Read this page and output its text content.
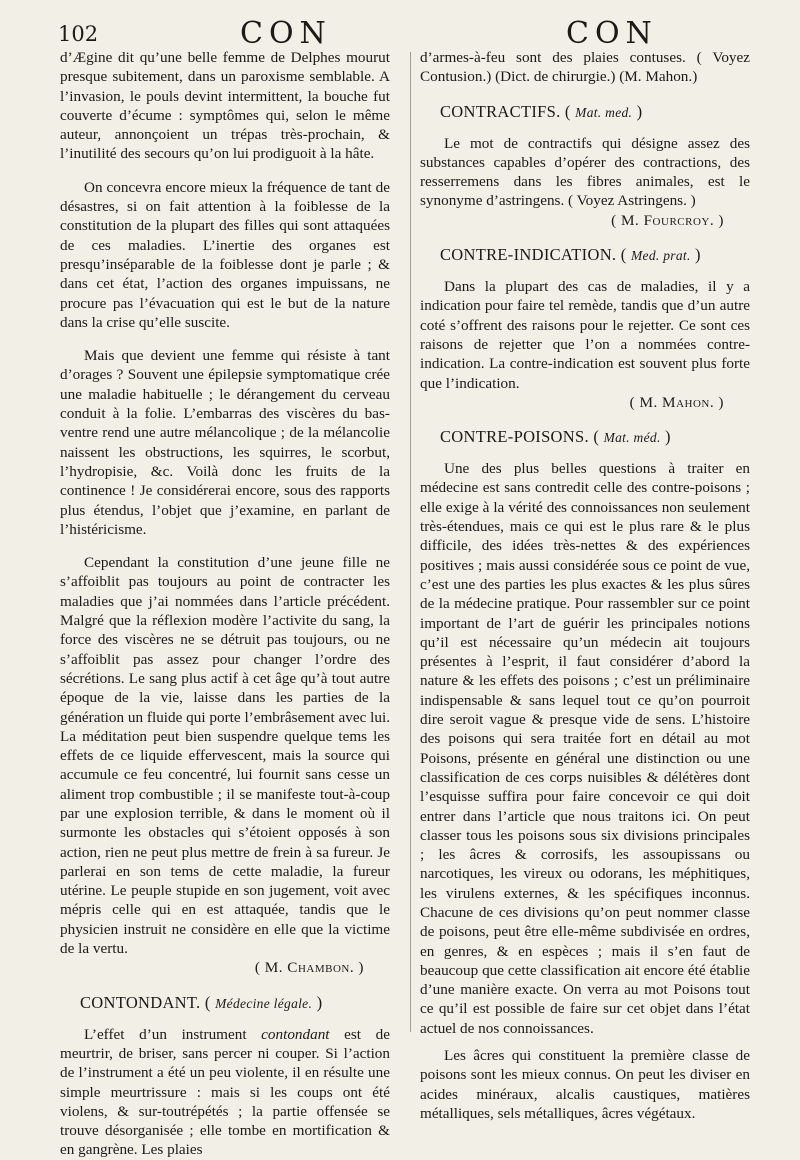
102	CON	CON

d’Ægine dit qu’une belle femme de Delphes mourut presque subitement, dans un paroxisme semblable. A l’invasion, le pouls devint intermittent, la bouche fut couverte d’écume : symptômes qui, selon le même auteur, annonçoient un trépas très-prochain, & l’inutilité des secours qu’on lui prodiguoit à la hâte.

On concevra encore mieux la fréquence de tant de désastres, si on fait attention à la foiblesse de la constitution de la plupart des filles qui sont attaquées de ces maladies. L’inertie des organes est presqu’inséparable de la foiblesse dont je parle ; & dans cet état, l’action des organes impuissans, ne procure pas l’évacuation qui est le but de la nature dans la crise qu’elle suscite.

Mais que devient une femme qui résiste à tant d’orages ? Souvent une épilepsie symptomatique crée une maladie habituelle ; le dérangement du cerveau conduit à la folie. L’embarras des viscères du bas-ventre rend une autre mélancolique ; de la mélancolie naissent les obstructions, les squirres, le scorbut, l’hydropisie, &c. Voilà donc les fruits de la continence ! Je considérerai encore, sous des rapports plus étendus, l’objet que j’examine, en parlant de l’histéricisme.

Cependant la constitution d’une jeune fille ne s’affoiblit pas toujours au point de contracter les maladies que j’ai nommées dans l’article précédent. Malgré que la réflexion modère l’activite du sang, la force des viscères ne se détruit pas toujours, ou ne s’affoiblit pas assez pour changer l’ordre des sécrétions. Le sang plus actif à cet âge qu’à tout autre époque de la vie, laisse dans les parties de la génération un fluide qui porte l’embrâsement avec lui. La méditation peut bien suspendre quelque tems les effets de ce liquide effervescent, mais la source qui accumule ce feu concentré, lui fournit sans cesse un aliment trop combustible ; il se manifeste tout-à-coup par une explosion terrible, & dans le moment où il surmonte les obstacles qui s’étoient opposés à son action, rien ne peut plus mettre de frein à sa fureur. Je parlerai en son tems de cette maladie, la fureur utérine. Le peuple stupide en son jugement, voit avec mépris celle qui en est attaquée, tandis que le physicien instruit ne considère en elle que la victime de la vertu.

( M. Chambon. )

CONTONDANT. ( Médecine légale. )

L’effet d’un instrument contondant est de meurtrir, de briser, sans percer ni couper. Si l’action de l’instrument a été un peu violente, il en résulte une simple meurtrissure : mais si les coups ont été violens, & sur-toutrépétés ; la partie offensée se trouve désorganisée ; elle tombe en mortification & en gangrène. Les plaies

d’armes-à-feu sont des plaies contuses. ( Voyez Contusion.) (Dict. de chirurgie.) (M. Mahon.)

CONTRACTIFS. ( Mat. med. )

Le mot de contractifs qui désigne assez des substances capables d’opérer des contractions, des resserremens dans les fibres animales, est le synonyme d’astringens. ( Voyez Astringens. )

( M. Fourcroy. )

CONTRE-INDICATION. ( Med. prat. )

Dans la plupart des cas de maladies, il y a indication pour faire tel remède, tandis que d’un autre coté s’offrent des raisons pour le rejetter. Ce sont ces raisons de rejetter que l’on a nommées contre-indication. La contre-indication est souvent plus forte que l’indication.

( M. Mahon. )

CONTRE-POISONS. ( Mat. méd. )

Une des plus belles questions à traiter en médecine est sans contredit celle des contre-poisons ; elle exige à la vérité des connoissances non seulement très-étendues, mais ce qui est le plus rare & le plus difficile, des idées très-nettes & des expériences positives ; mais aussi considérée sous ce point de vue, c’est une des parties les plus exactes & les plus sûres de la médecine pratique. Pour rassembler sur ce point important de l’art de guérir les principales notions qu’il est nécessaire qu’un médecin ait toujours présentes à l’esprit, il faut considérer d’abord la nature & les effets des poisons ; c’est un préliminaire indispensable & sans lequel tout ce qu’on pourroit dire seroit vague & presque vide de sens. L’histoire des poisons qui sera traitée fort en détail au mot Poisons, présente en général une distinction ou une classification de ces corps nuisibles & délétères dont l’esquisse suffira pour faire concevoir ce qui doit entrer dans l’article que nous traitons ici. On peut classer tous les poisons sous six divisions principales ; les âcres & corrosifs, les assoupissans ou narcotiques, les vireux ou odorans, les méphitiques, les virulens externes, & les spécifiques inconnus. Chacune de ces divisions qu’on peut nommer classe de poisons, peut être elle-même subdivisée en ordres, en genres, & en espèces ; mais il s’en faut de beaucoup que cette classification ait encore été établie d’une manière exacte. On verra au mot Poisons tout ce qu’il est possible de faire sur cet objet dans l’état actuel de nos connoissances.

Les âcres qui constituent la première classe de poisons sont les mieux connus. On peut les diviser en acides minéraux, alcalis caustiques, matières métalliques, sels métalliques, âcres végétaux.
